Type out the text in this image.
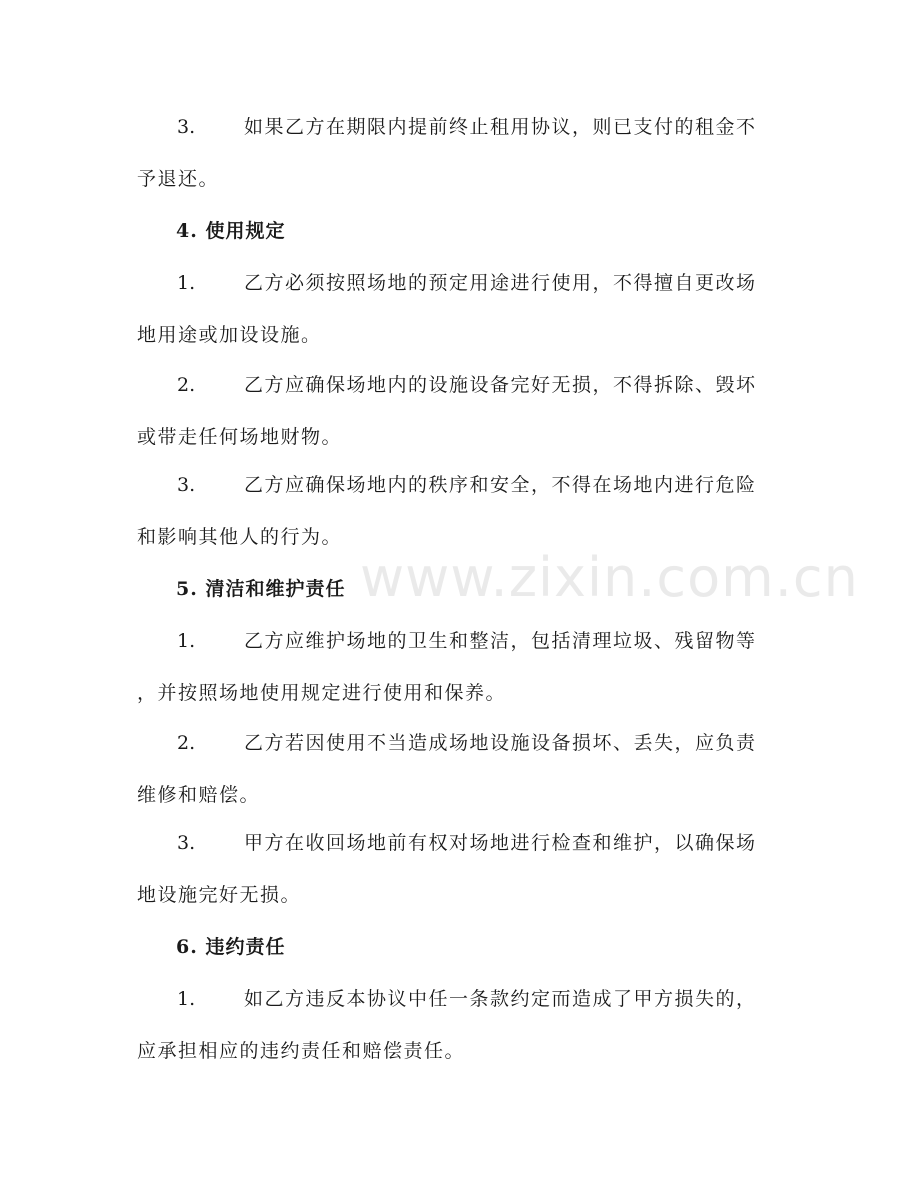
www.zixin.com.cn
3.	如果乙方在期限内提前终止租用协议，则已支付的租金不
予退还。
4. 使用规定
1.	乙方必须按照场地的预定用途进行使用，不得擅自更改场
地用途或加设设施。
2.	乙方应确保场地内的设施设备完好无损，不得拆除、毁坏
或带走任何场地财物。
3.	乙方应确保场地内的秩序和安全，不得在场地内进行危险
和影响其他人的行为。
5. 清洁和维护责任
1.	乙方应维护场地的卫生和整洁，包括清理垃圾、残留物等
，并按照场地使用规定进行使用和保养。
2.	乙方若因使用不当造成场地设施设备损坏、丢失，应负责
维修和赔偿。
3.	甲方在收回场地前有权对场地进行检查和维护，以确保场
地设施完好无损。
6. 违约责任
1.	如乙方违反本协议中任一条款约定而造成了甲方损失的，
应承担相应的违约责任和赔偿责任。
